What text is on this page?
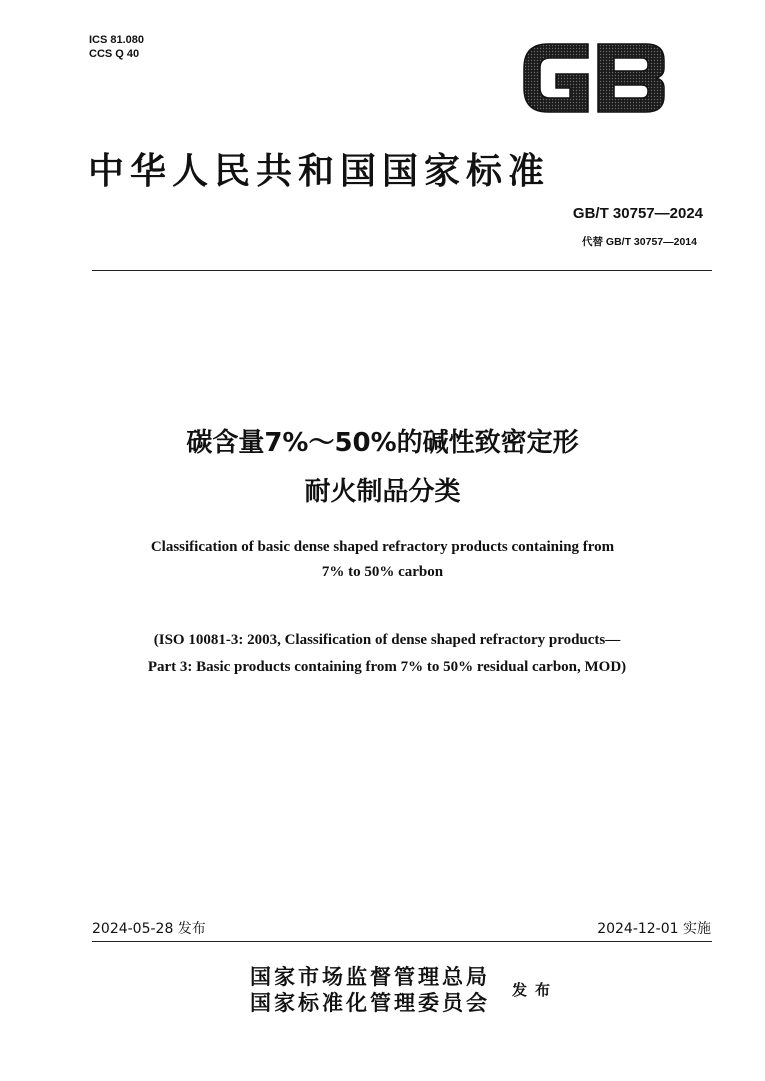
ICS 81.080
CCS Q 40
中华人民共和国国家标准
GB/T 30757—2024
代替 GB/T 30757—2014
碳含量7%～50%的碱性致密定形
耐火制品分类
Classification of basic dense shaped refractory products containing from
7% to 50% carbon
(ISO 10081-3: 2003, Classification of dense shaped refractory products—
Part 3: Basic products containing from 7% to 50% residual carbon, MOD)
2024-05-28 发布	2024-12-01 实施
国家市场监督管理总局
国家标准化管理委员会 发布
